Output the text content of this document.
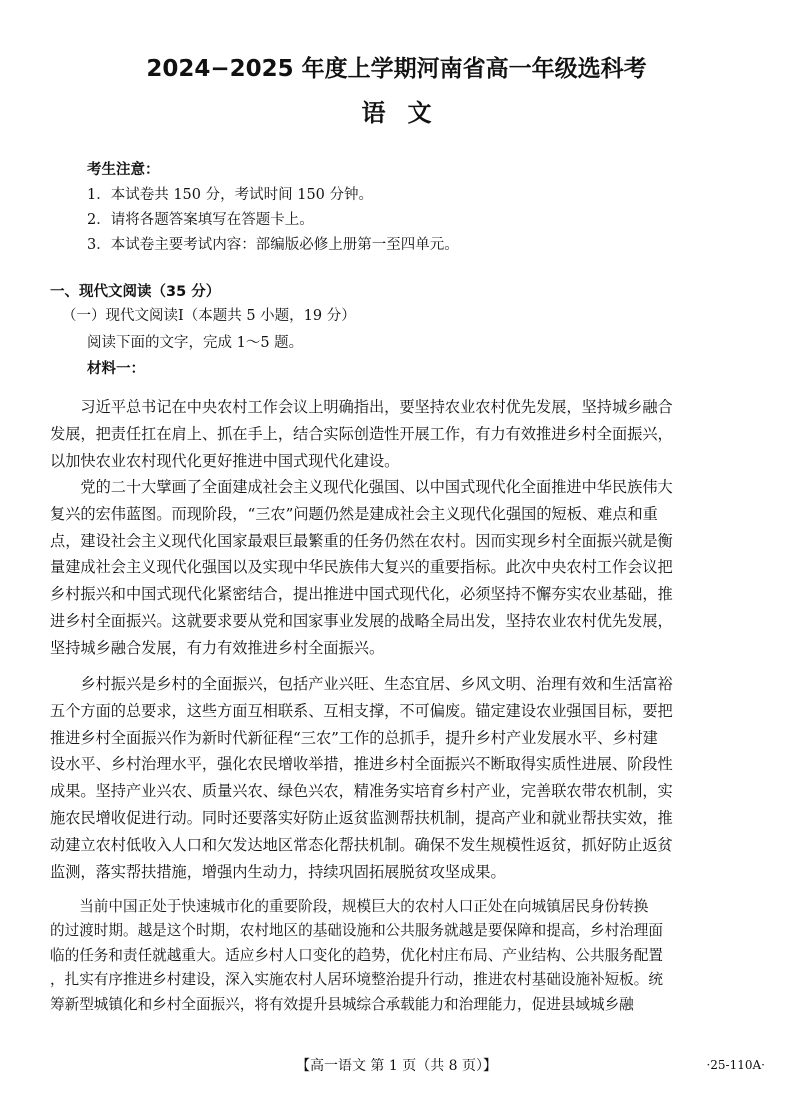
2024−2025 年度上学期河南省高一年级选科考
语文
考生注意：
1．本试卷共 150 分，考试时间 150 分钟。
2．请将各题答案填写在答题卡上。
3．本试卷主要考试内容：部编版必修上册第一至四单元。
一、现代文阅读（35 分）
（一）现代文阅读Ⅰ（本题共 5 小题，19 分）
阅读下面的文字，完成 1～5 题。
材料一：
　　习近平总书记在中央农村工作会议上明确指出，要坚持农业农村优先发展，坚持城乡融合
发展，把责任扛在肩上、抓在手上，结合实际创造性开展工作，有力有效推进乡村全面振兴，
以加快农业农村现代化更好推进中国式现代化建设。
　　党的二十大擘画了全面建成社会主义现代化强国、以中国式现代化全面推进中华民族伟大
复兴的宏伟蓝图。而现阶段，“三农”问题仍然是建成社会主义现代化强国的短板、难点和重
点，建设社会主义现代化国家最艰巨最繁重的任务仍然在农村。因而实现乡村全面振兴就是衡
量建成社会主义现代化强国以及实现中华民族伟大复兴的重要指标。此次中央农村工作会议把
乡村振兴和中国式现代化紧密结合，提出推进中国式现代化，必须坚持不懈夯实农业基础，推
进乡村全面振兴。这就要求要从党和国家事业发展的战略全局出发，坚持农业农村优先发展，
坚持城乡融合发展，有力有效推进乡村全面振兴。
　　乡村振兴是乡村的全面振兴，包括产业兴旺、生态宜居、乡风文明、治理有效和生活富裕
五个方面的总要求，这些方面互相联系、互相支撑，不可偏废。锚定建设农业强国目标，要把
推进乡村全面振兴作为新时代新征程“三农”工作的总抓手，提升乡村产业发展水平、乡村建
设水平、乡村治理水平，强化农民增收举措，推进乡村全面振兴不断取得实质性进展、阶段性
成果。坚持产业兴农、质量兴农、绿色兴农，精准务实培育乡村产业，完善联农带农机制，实
施农民增收促进行动。同时还要落实好防止返贫监测帮扶机制，提高产业和就业帮扶实效，推
动建立农村低收入人口和欠发达地区常态化帮扶机制。确保不发生规模性返贫，抓好防止返贫
监测，落实帮扶措施，增强内生动力，持续巩固拓展脱贫攻坚成果。
　　当前中国正处于快速城市化的重要阶段，规模巨大的农村人口正处在向城镇居民身份转换
的过渡时期。越是这个时期，农村地区的基础设施和公共服务就越是要保障和提高，乡村治理面
临的任务和责任就越重大。适应乡村人口变化的趋势，优化村庄布局、产业结构、公共服务配置
，扎实有序推进乡村建设，深入实施农村人居环境整治提升行动，推进农村基础设施补短板。统
筹新型城镇化和乡村全面振兴，将有效提升县城综合承载能力和治理能力，促进县域城乡融
【高一语文 第 1 页（共 8 页）】	·25-110A·
